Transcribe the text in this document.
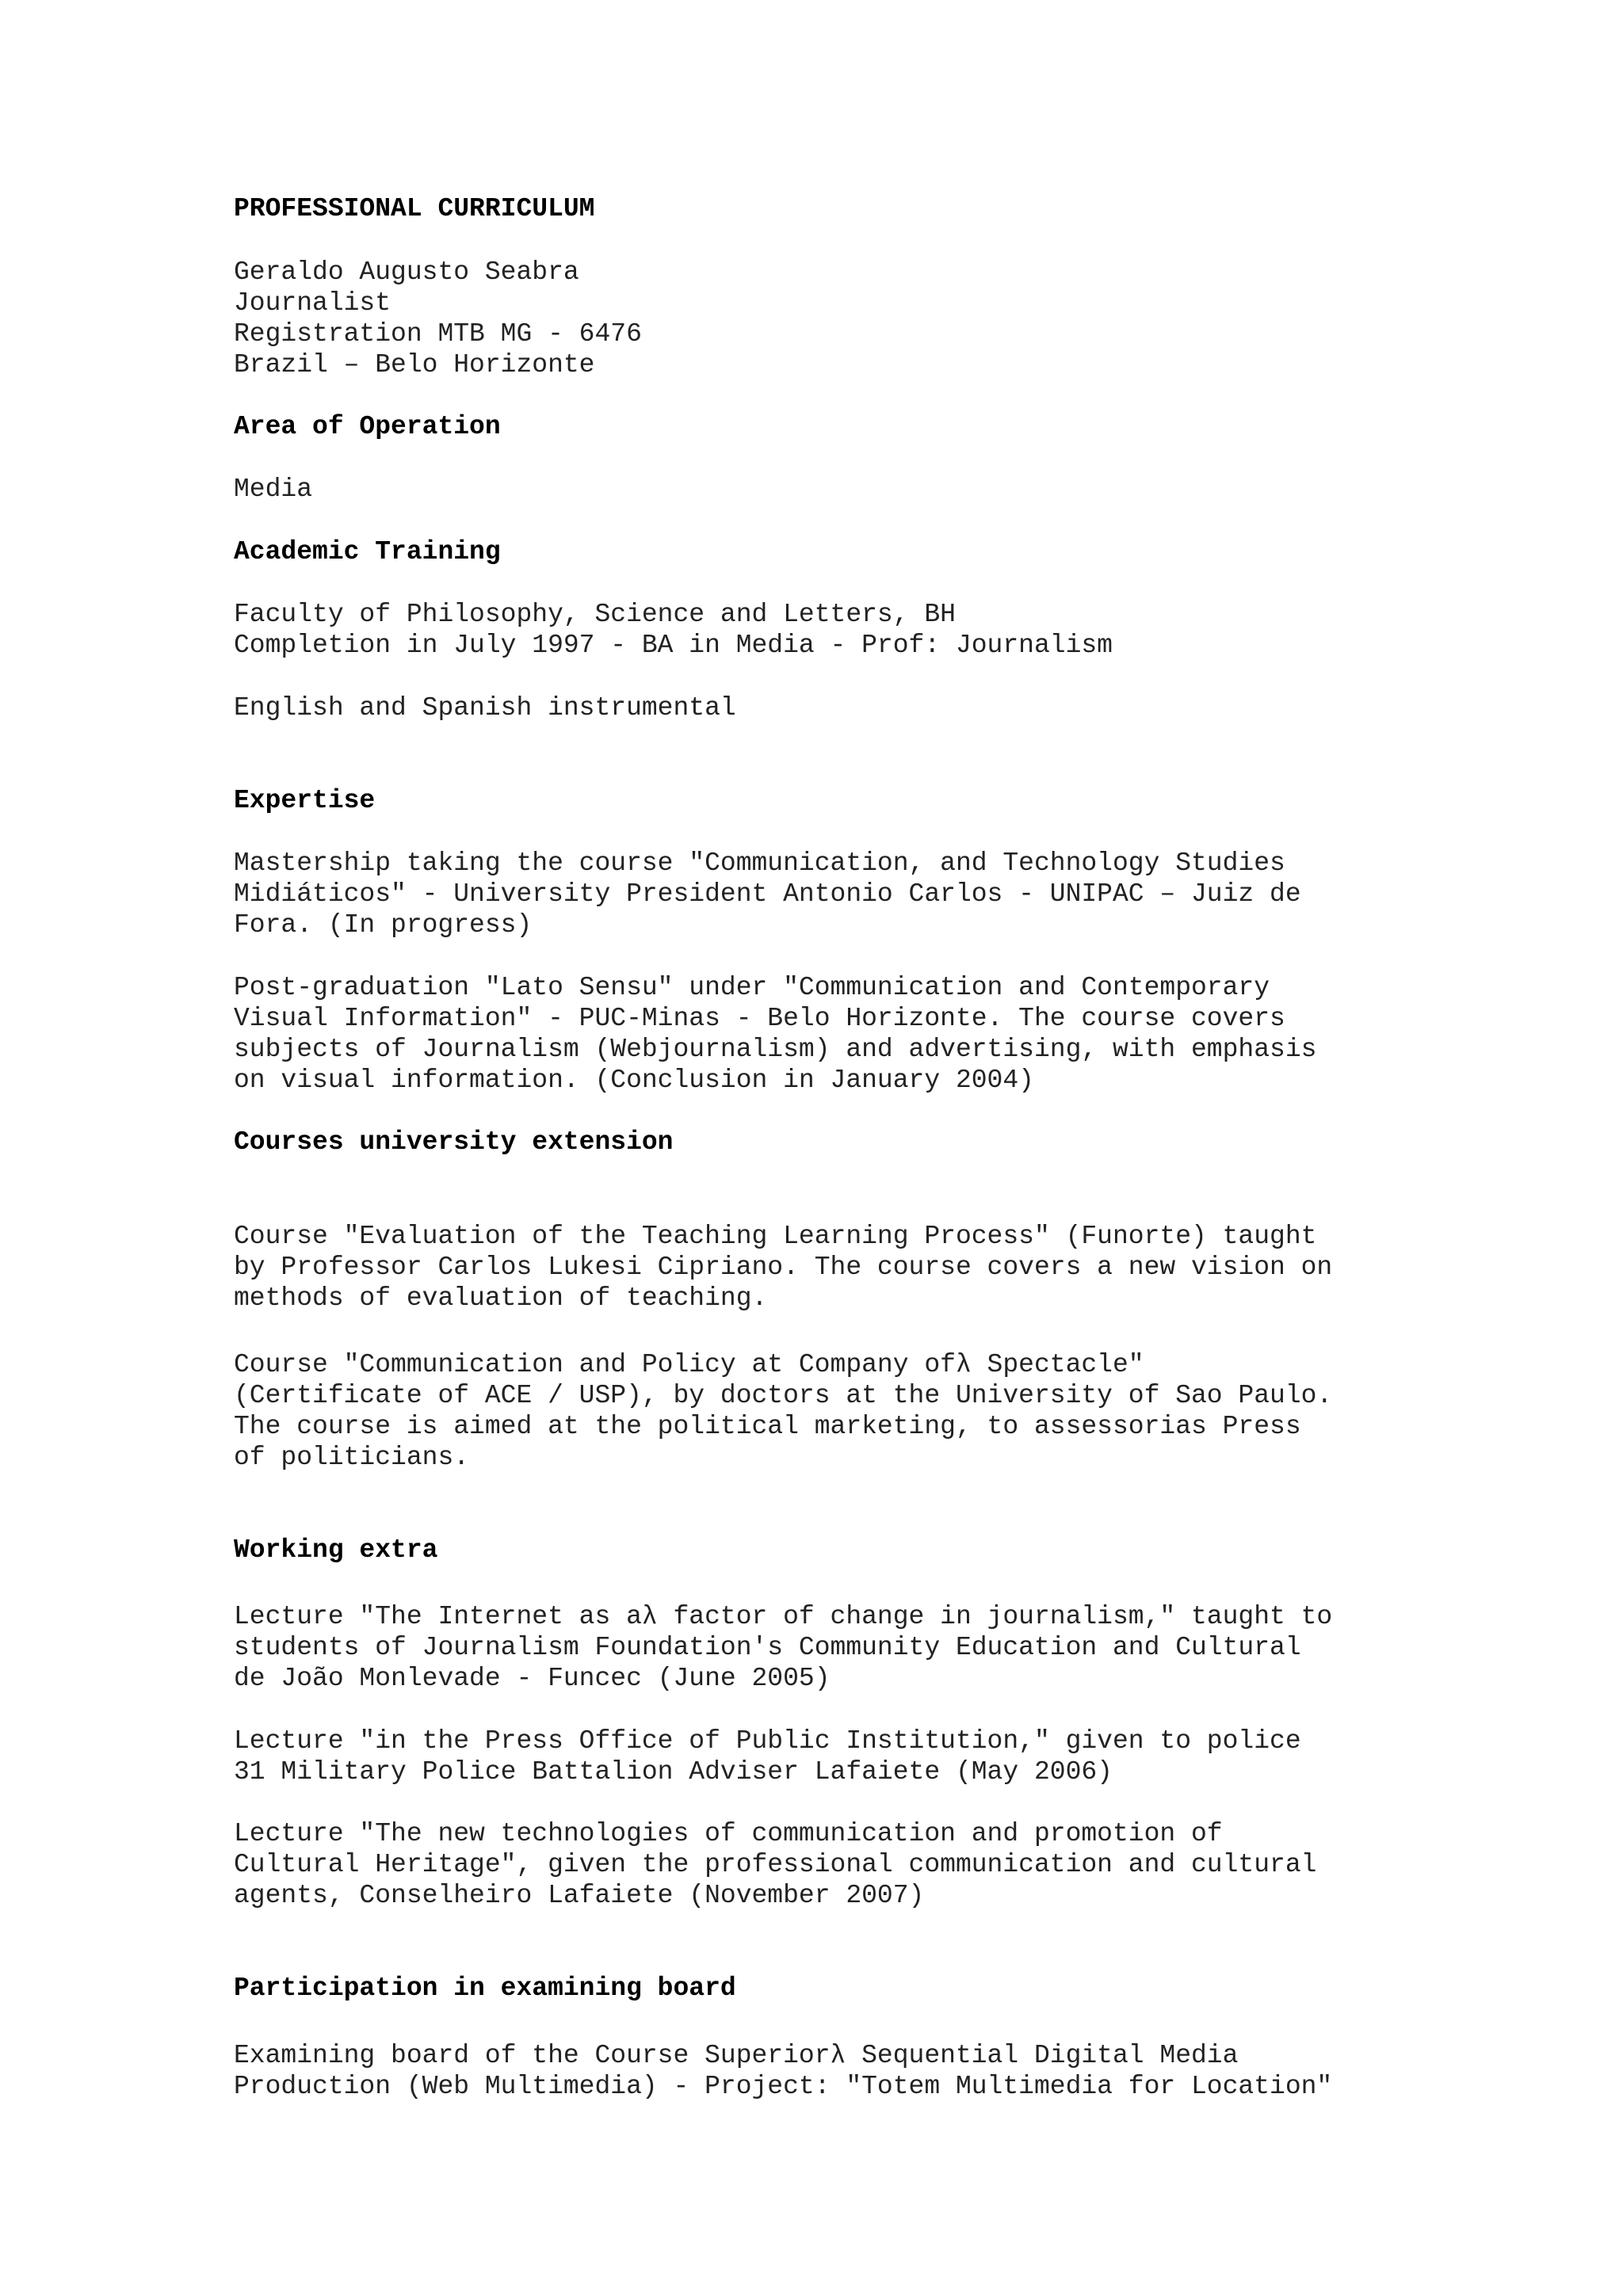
PROFESSIONAL CURRICULUM

Geraldo Augusto Seabra

Journalist

Registration MTB MG - 6476

Brazil – Belo Horizonte

Area of Operation

Media

Academic Training

Faculty of Philosophy, Science and Letters, BH

Completion in July 1997 - BA in Media - Prof: Journalism

English and Spanish instrumental

Expertise

Mastership taking the course "Communication, and Technology Studies

Midiáticos" - University President Antonio Carlos - UNIPAC – Juiz de

Fora. (In progress)

Post-graduation "Lato Sensu" under "Communication and Contemporary

Visual Information" - PUC-Minas - Belo Horizonte. The course covers

subjects of Journalism (Webjournalism) and advertising, with emphasis

on visual information. (Conclusion in January 2004)

Courses university extension

Course "Evaluation of the Teaching Learning Process" (Funorte) taught

by Professor Carlos Lukesi Cipriano. The course covers a new vision on

methods of evaluation of teaching.

Course "Communication and Policy at Company ofλ Spectacle"

(Certificate of ACE / USP), by doctors at the University of Sao Paulo.

The course is aimed at the political marketing, to assessorias Press

of politicians.

Working extra

Lecture "The Internet as aλ factor of change in journalism," taught to

students of Journalism Foundation's Community Education and Cultural

de João Monlevade - Funcec (June 2005)

Lecture "in the Press Office of Public Institution," given to police

31 Military Police Battalion Adviser Lafaiete (May 2006)

Lecture "The new technologies of communication and promotion of

Cultural Heritage", given the professional communication and cultural

agents, Conselheiro Lafaiete (November 2007)

Participation in examining board

Examining board of the Course Superiorλ Sequential Digital Media

Production (Web Multimedia) - Project: "Totem Multimedia for Location"
